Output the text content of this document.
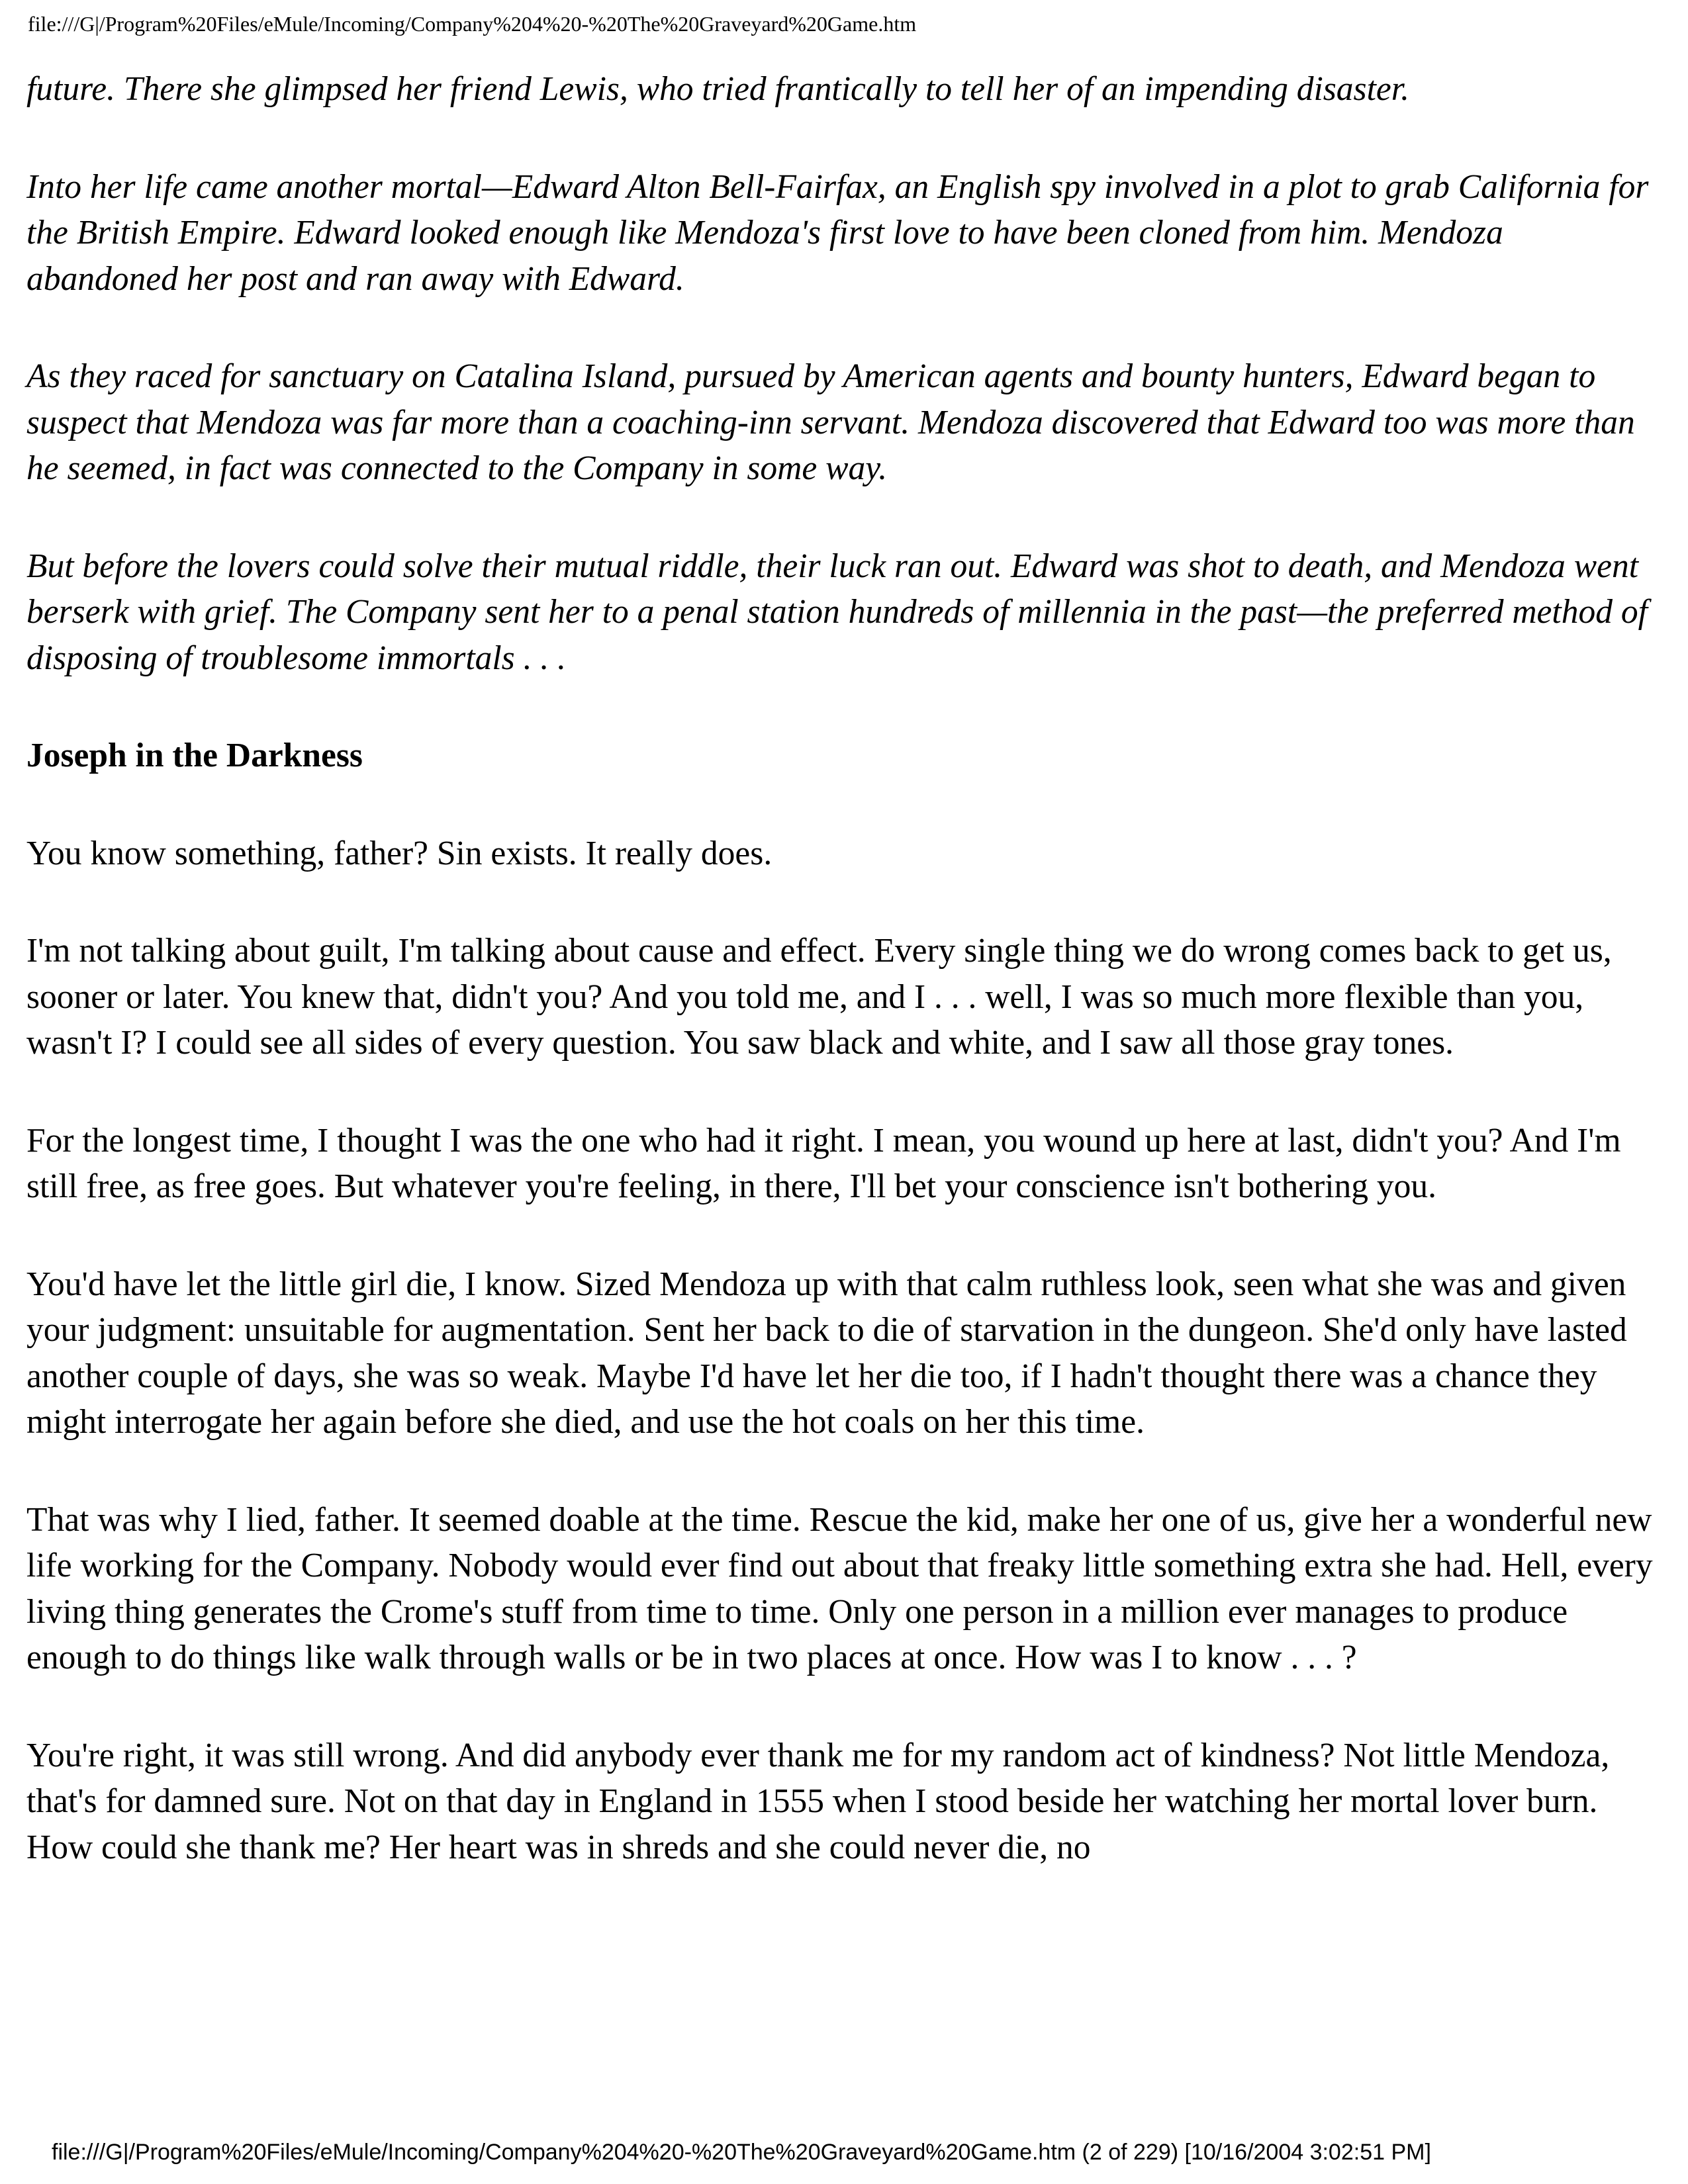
file:///G|/Program%20Files/eMule/Incoming/Company%204%20-%20The%20Graveyard%20Game.htm

future. There she glimpsed her friend Lewis, who tried frantically to tell her of an impending disaster.

Into her life came another mortal—Edward Alton Bell-Fairfax, an English spy involved in a plot to grab California for the British Empire. Edward looked enough like Mendoza's first love to have been cloned from him. Mendoza abandoned her post and ran away with Edward.

As they raced for sanctuary on Catalina Island, pursued by American agents and bounty hunters, Edward began to suspect that Mendoza was far more than a coaching-inn servant. Mendoza discovered that Edward too was more than he seemed, in fact was connected to the Company in some way.

But before the lovers could solve their mutual riddle, their luck ran out. Edward was shot to death, and Mendoza went berserk with grief. The Company sent her to a penal station hundreds of millennia in the past—the preferred method of disposing of troublesome immortals . . .

Joseph in the Darkness

You know something, father? Sin exists. It really does.

I'm not talking about guilt, I'm talking about cause and effect. Every single thing we do wrong comes back to get us, sooner or later. You knew that, didn't you? And you told me, and I . . . well, I was so much more flexible than you, wasn't I? I could see all sides of every question. You saw black and white, and I saw all those gray tones.

For the longest time, I thought I was the one who had it right. I mean, you wound up here at last, didn't you? And I'm still free, as free goes. But whatever you're feeling, in there, I'll bet your conscience isn't bothering you.

You'd have let the little girl die, I know. Sized Mendoza up with that calm ruthless look, seen what she was and given your judgment: unsuitable for augmentation. Sent her back to die of starvation in the dungeon. She'd only have lasted another couple of days, she was so weak. Maybe I'd have let her die too, if I hadn't thought there was a chance they might interrogate her again before she died, and use the hot coals on her this time.

That was why I lied, father. It seemed doable at the time. Rescue the kid, make her one of us, give her a wonderful new life working for the Company. Nobody would ever find out about that freaky little something extra she had. Hell, every living thing generates the Crome's stuff from time to time. Only one person in a million ever manages to produce enough to do things like walk through walls or be in two places at once. How was I to know . . . ?

You're right, it was still wrong. And did anybody ever thank me for my random act of kindness? Not little Mendoza, that's for damned sure. Not on that day in England in 1555 when I stood beside her watching her mortal lover burn. How could she thank me? Her heart was in shreds and she could never die, no

file:///G|/Program%20Files/eMule/Incoming/Company%204%20-%20The%20Graveyard%20Game.htm (2 of 229) [10/16/2004 3:02:51 PM]
